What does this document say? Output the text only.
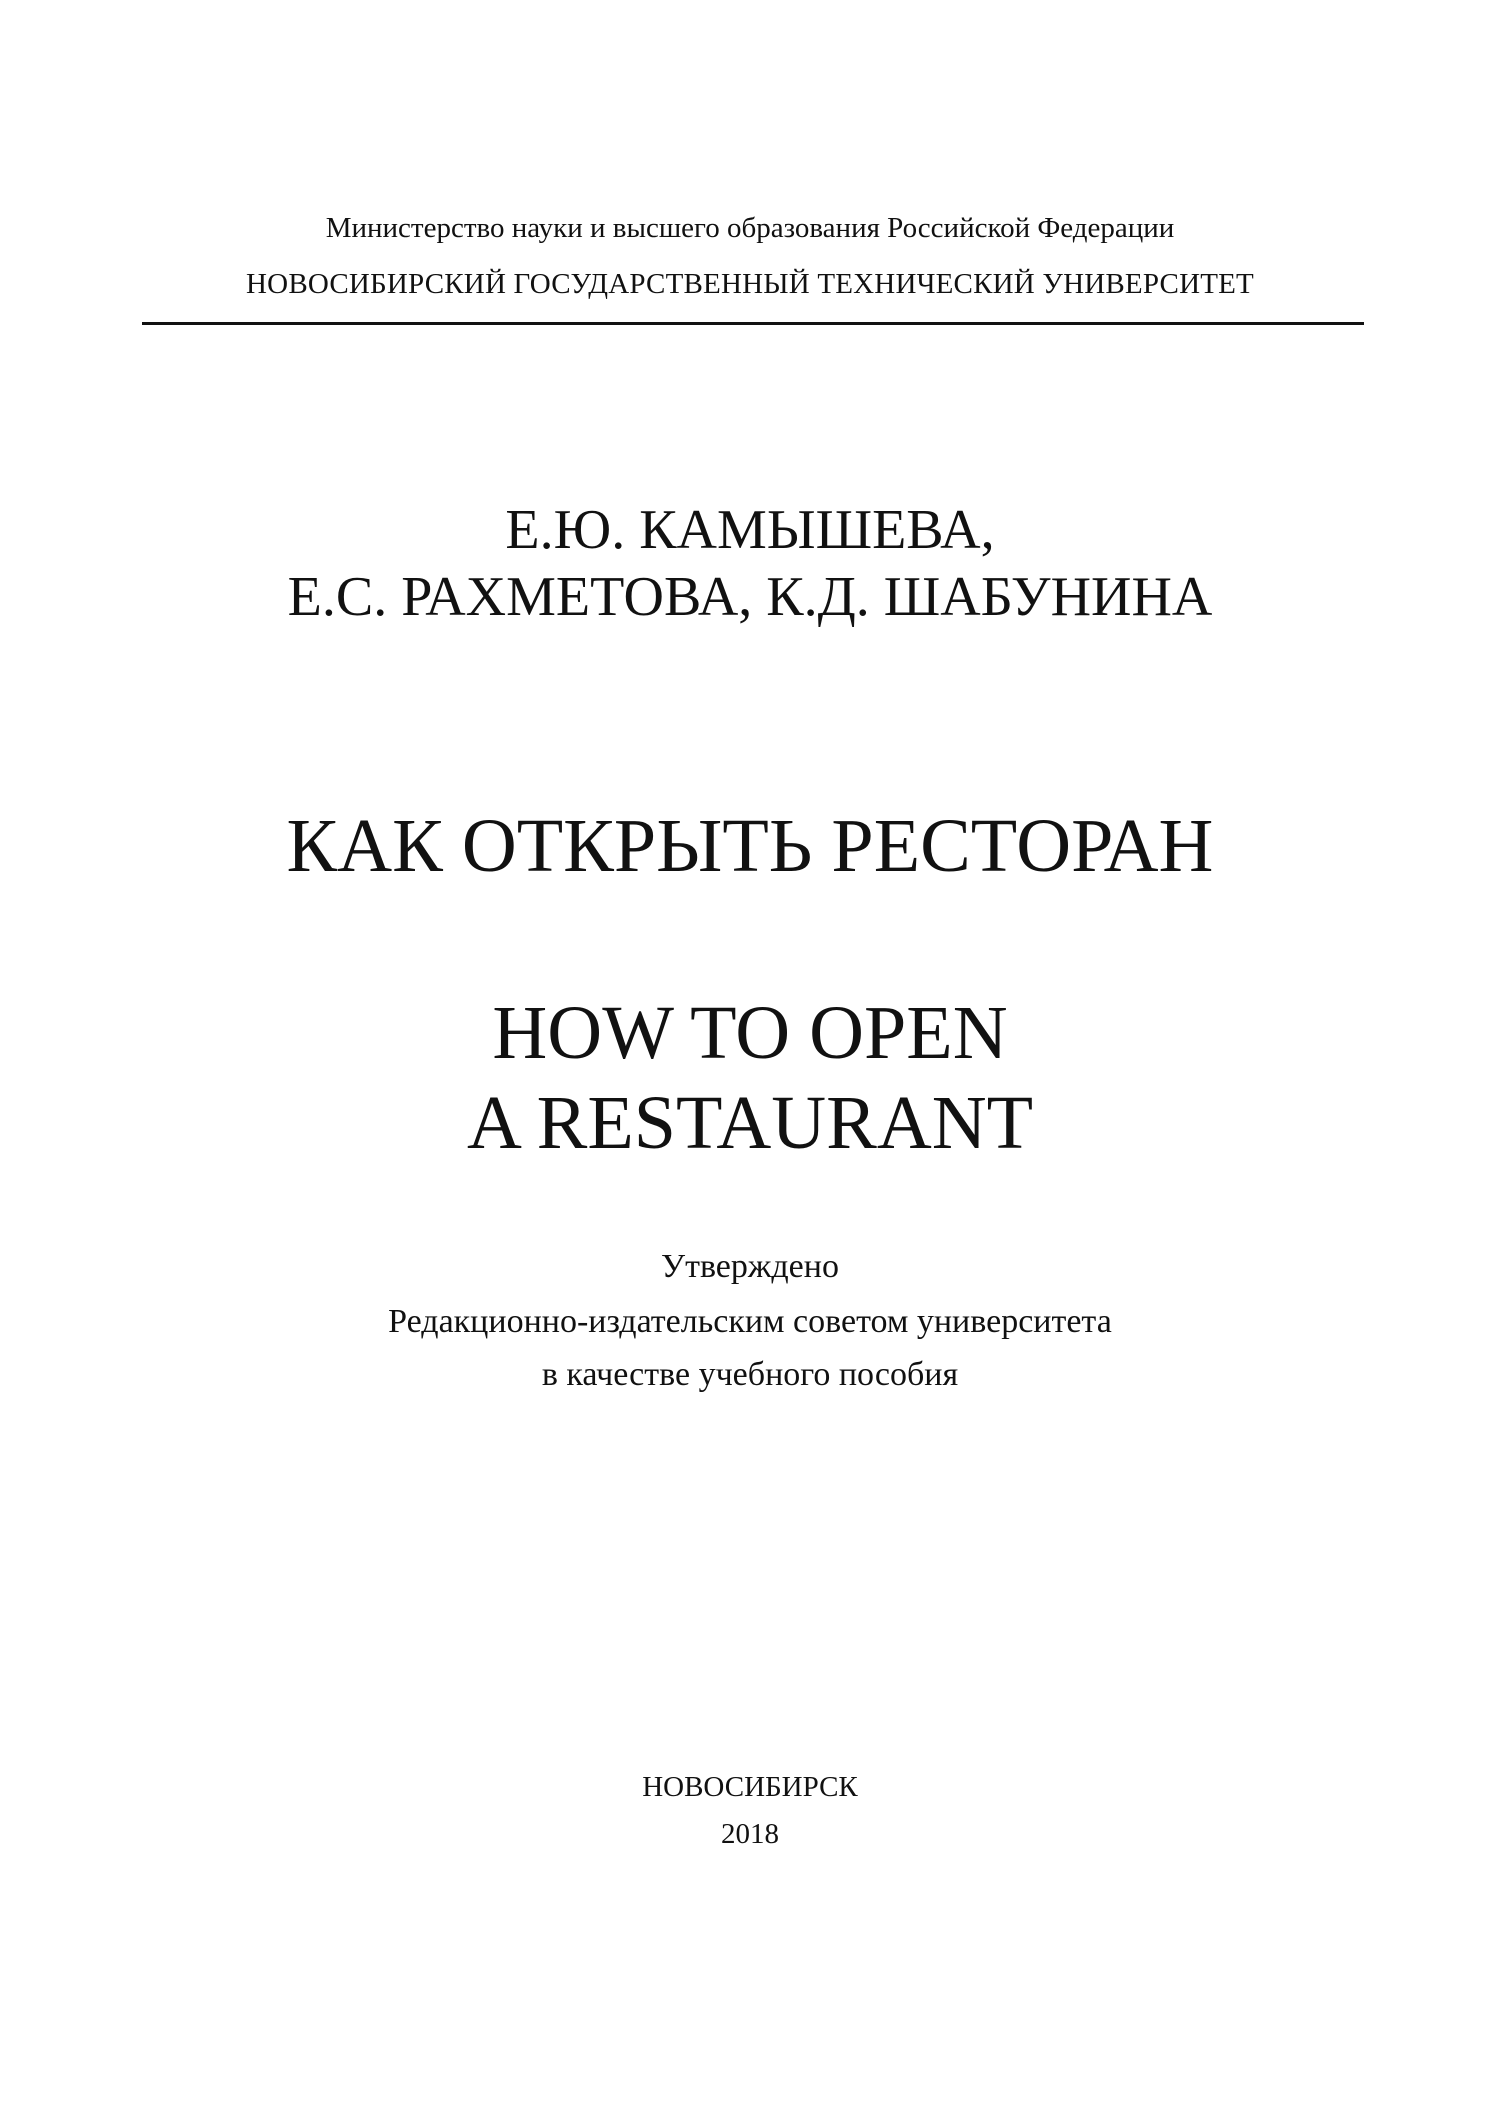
Министерство науки и высшего образования Российской Федерации
НОВОСИБИРСКИЙ ГОСУДАРСТВЕННЫЙ ТЕХНИЧЕСКИЙ УНИВЕРСИТЕТ
Е.Ю. КАМЫШЕВА,
Е.С. РАХМЕТОВА, К.Д. ШАБУНИНА
КАК ОТКРЫТЬ РЕСТОРАН
HOW TO OPEN
A RESTAURANT
Утверждено
Редакционно-издательским советом университета
в качестве учебного пособия
НОВОСИБИРСК
2018
